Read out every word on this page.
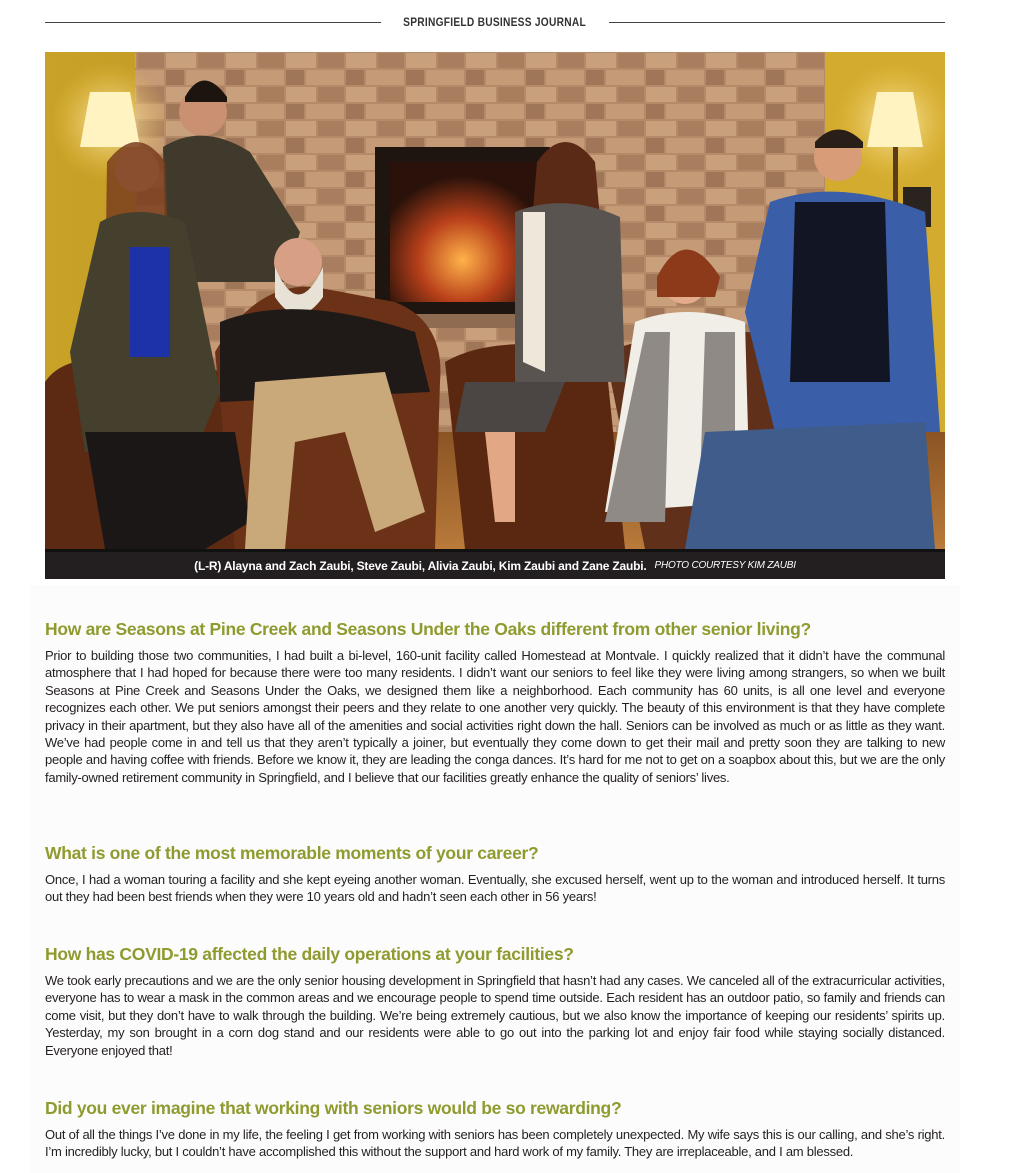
SPRINGFIELD BUSINESS JOURNAL
(L-R) Alayna and Zach Zaubi, Steve Zaubi, Alivia Zaubi, Kim Zaubi and Zane Zaubi. PHOTO COURTESY KIM ZAUBI
How are Seasons at Pine Creek and Seasons Under the Oaks different from other senior living?

Prior to building those two communities, I had built a bi-level, 160-unit facility called Homestead at Montvale. I quickly realized that it didn’t have the communal atmosphere that I had hoped for because there were too many residents. I didn’t want our seniors to feel like they were living among strangers, so when we built Seasons at Pine Creek and Seasons Under the Oaks, we designed them like a neighborhood. Each community has 60 units, is all one level and everyone recognizes each other. We put seniors amongst their peers and they relate to one another very quickly. The beauty of this environment is that they have complete privacy in their apartment, but they also have all of the amenities and social activities right down the hall. Seniors can be involved as much or as little as they want. We’ve had people come in and tell us that they aren’t typically a joiner, but eventually they come down to get their mail and pretty soon they are talking to new people and having coffee with friends. Before we know it, they are leading the conga dances. It’s hard for me not to get on a soapbox about this, but we are the only family-owned retirement community in Springfield, and I believe that our facilities greatly enhance the quality of seniors’ lives.

What is one of the most memorable moments of your career?

Once, I had a woman touring a facility and she kept eyeing another woman. Eventually, she excused herself, went up to the woman and introduced herself. It turns out they had been best friends when they were 10 years old and hadn’t seen each other in 56 years!

How has COVID-19 affected the daily operations at your facilities?

We took early precautions and we are the only senior housing development in Springfield that hasn’t had any cases. We canceled all of the extracurricular activities, everyone has to wear a mask in the common areas and we encourage people to spend time outside. Each resident has an outdoor patio, so family and friends can come visit, but they don’t have to walk through the building. We’re being extremely cautious, but we also know the importance of keeping our residents’ spirits up. Yesterday, my son brought in a corn dog stand and our residents were able to go out into the parking lot and enjoy fair food while staying socially distanced. Everyone enjoyed that!

Did you ever imagine that working with seniors would be so rewarding?

Out of all the things I’ve done in my life, the feeling I get from working with seniors has been completely unexpected. My wife says this is our calling, and she’s right. I’m incredibly lucky, but I couldn’t have accomplished this without the support and hard work of my family. They are irreplaceable, and I am blessed.
